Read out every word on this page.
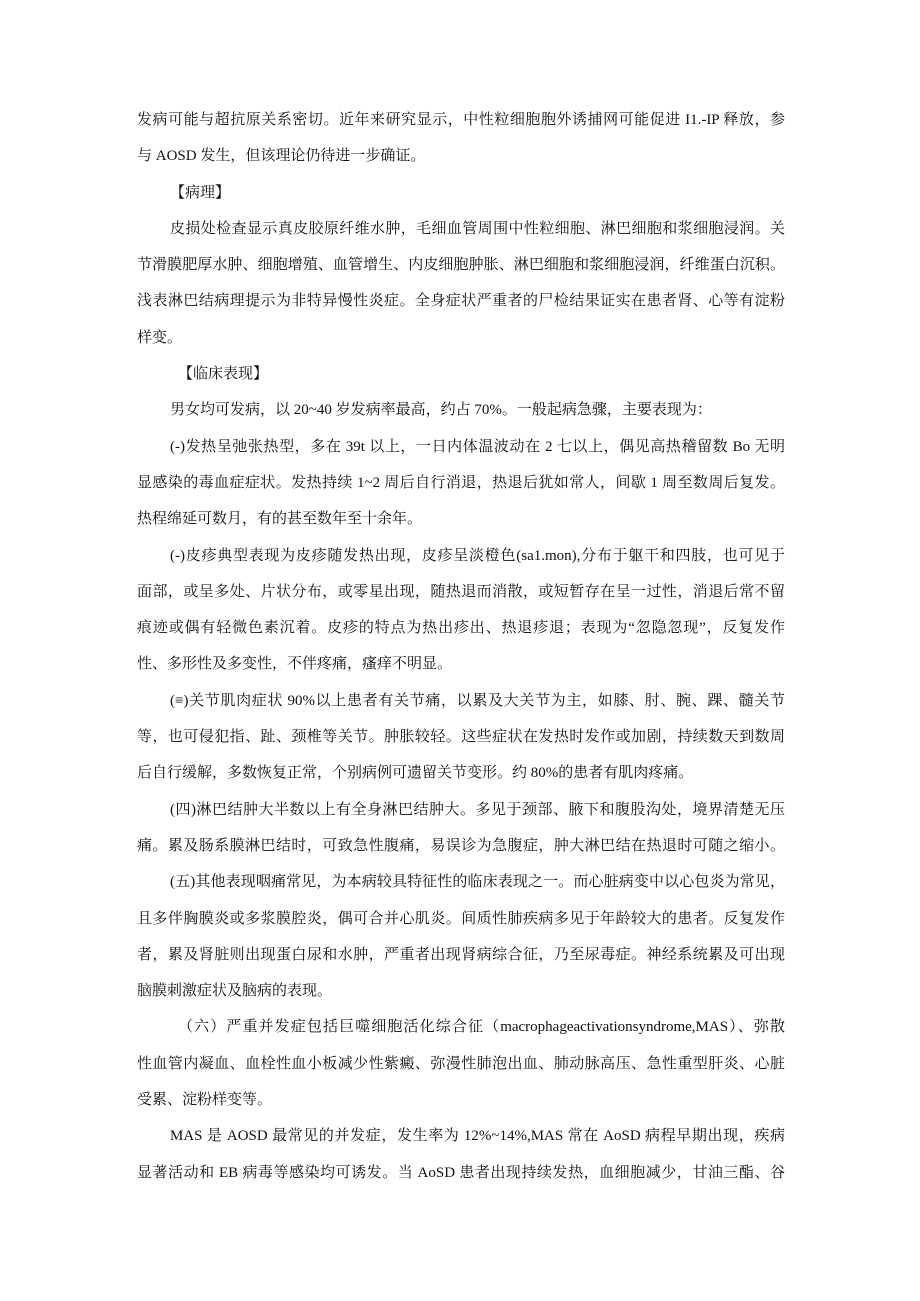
发病可能与超抗原关系密切。近年来研究显示，中性粒细胞胞外诱捕网可能促进 I1.-IP 释放，参
与 AOSD 发生，但该理论仍待进一步确证。
【病理】
皮损处检查显示真皮胶原纤维水肿，毛细血管周围中性粒细胞、淋巴细胞和浆细胞浸润。关
节滑膜肥厚水肿、细胞增殖、血管增生、内皮细胞肿胀、淋巴细胞和浆细胞浸润，纤维蛋白沉积。
浅表淋巴结病理提示为非特异慢性炎症。全身症状严重者的尸检结果证实在患者肾、心等有淀粉
样变。
【临床表现】
男女均可发病，以 20~40 岁发病率最高，约占 70%。一般起病急骤，主要表现为：
(-)发热呈弛张热型，多在 39t 以上，一日内体温波动在 2 七以上，偶见高热稽留数 Bo 无明
显感染的毒血症症状。发热持续 1~2 周后自行消退，热退后犹如常人，间歇 1 周至数周后复发。
热程绵延可数月，有的甚至数年至十余年。
(-)皮疹典型表现为皮疹随发热出现，皮疹呈淡橙色(sa1.mon),分布于躯干和四肢，也可见于
面部，或呈多处、片状分布，或零星出现，随热退而消散，或短暂存在呈一过性，消退后常不留
痕迹或偶有轻微色素沉着。皮疹的特点为热出疹出、热退疹退；表现为“忽隐忽现”，反复发作
性、多形性及多变性，不伴疼痛，瘙痒不明显。
(≡)关节肌肉症状 90%以上患者有关节痛，以累及大关节为主，如膝、肘、腕、踝、髓关节
等，也可侵犯指、趾、颈椎等关节。肿胀较轻。这些症状在发热时发作或加剧，持续数天到数周
后自行缓解，多数恢复正常，个别病例可遗留关节变形。约 80%的患者有肌肉疼痛。
(四)淋巴结肿大半数以上有全身淋巴结肿大。多见于颈部、腋下和腹股沟处，境界清楚无压
痛。累及肠系膜淋巴结时，可致急性腹痛，易误诊为急腹症，肿大淋巴结在热退时可随之缩小。
(五)其他表现咽痛常见，为本病较具特征性的临床表现之一。而心脏病变中以心包炎为常见，
且多伴胸膜炎或多浆膜腔炎，偶可合并心肌炎。间质性肺疾病多见于年龄较大的患者。反复发作
者，累及肾脏则出现蛋白尿和水肿，严重者出现肾病综合征，乃至尿毒症。神经系统累及可出现
脑膜刺激症状及脑病的表现。
（六）严重并发症包括巨噬细胞活化综合征（macrophageactivationsyndrome,MAS）、弥散
性血管内凝血、血栓性血小板减少性紫癜、弥漫性肺泡出血、肺动脉高压、急性重型肝炎、心脏
受累、淀粉样变等。
MAS 是 AOSD 最常见的并发症，发生率为 12%~14%,MAS 常在 AoSD 病程早期出现，疾病
显著活动和 EB 病毒等感染均可诱发。当 AoSD 患者出现持续发热，血细胞减少，甘油三酯、谷
